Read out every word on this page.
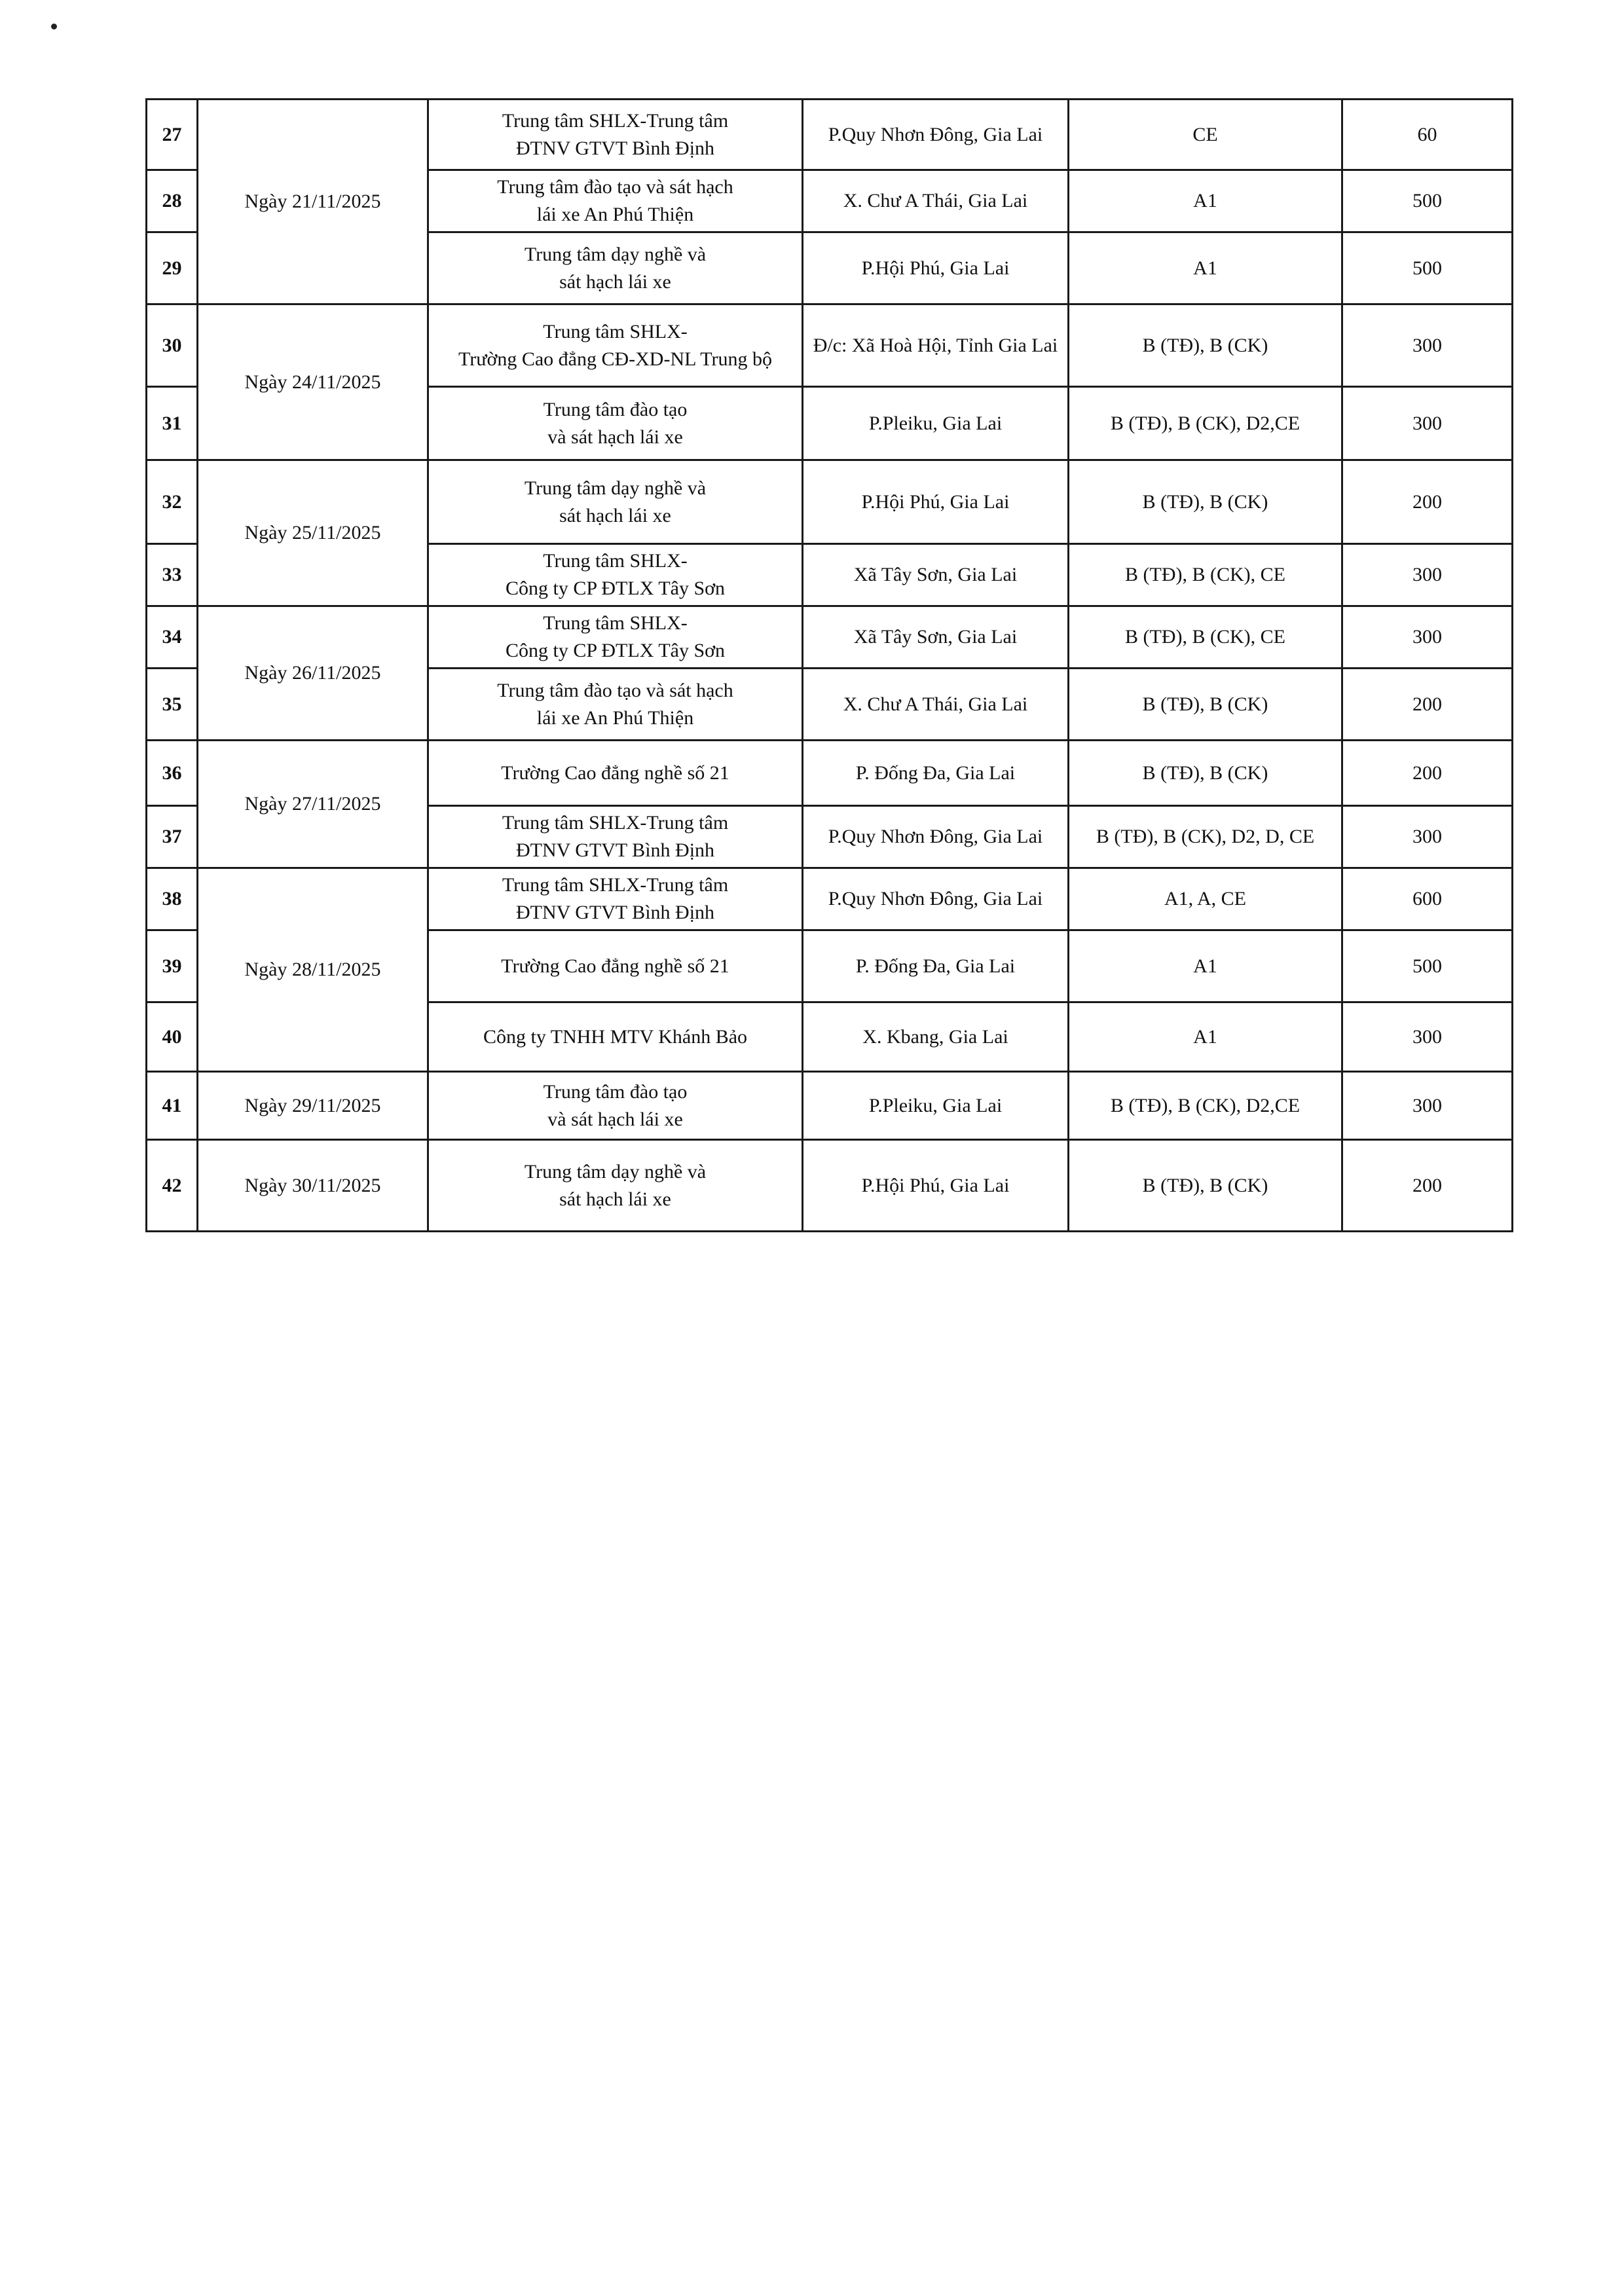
27	Ngày 21/11/2025	Trung tâm SHLX-Trung tâm
ĐTNV GTVT Bình Định	P.Quy Nhơn Đông, Gia Lai	CE	60
28		Trung tâm đào tạo và sát hạch
lái xe An Phú Thiện	X. Chư A Thái, Gia Lai	A1	500
29		Trung tâm dạy nghề và
sát hạch lái xe	P.Hội Phú, Gia Lai	A1	500
30	Ngày 24/11/2025	Trung tâm SHLX-
Trường Cao đẳng CĐ-XD-NL Trung bộ	Đ/c: Xã Hoà Hội, Tỉnh Gia Lai	B (TĐ), B (CK)	300
31		Trung tâm đào tạo
và sát hạch lái xe	P.Pleiku, Gia Lai	B (TĐ), B (CK), D2,CE	300
32	Ngày 25/11/2025	Trung tâm dạy nghề và
sát hạch lái xe	P.Hội Phú, Gia Lai	B (TĐ), B (CK)	200
33		Trung tâm SHLX-
Công ty CP ĐTLX Tây Sơn	Xã Tây Sơn, Gia Lai	B (TĐ), B (CK), CE	300
34	Ngày 26/11/2025	Trung tâm SHLX-
Công ty CP ĐTLX Tây Sơn	Xã Tây Sơn, Gia Lai	B (TĐ), B (CK), CE	300
35		Trung tâm đào tạo và sát hạch
lái xe An Phú Thiện	X. Chư A Thái, Gia Lai	B (TĐ), B (CK)	200
36	Ngày 27/11/2025	Trường Cao đẳng nghề số 21	P. Đống Đa, Gia Lai	B (TĐ), B (CK)	200
37		Trung tâm SHLX-Trung tâm
ĐTNV GTVT Bình Định	P.Quy Nhơn Đông, Gia Lai	B (TĐ), B (CK), D2, D, CE	300
38	Ngày 28/11/2025	Trung tâm SHLX-Trung tâm
ĐTNV GTVT Bình Định	P.Quy Nhơn Đông, Gia Lai	A1, A, CE	600
39		Trường Cao đẳng nghề số 21	P. Đống Đa, Gia Lai	A1	500
40		Công ty TNHH MTV Khánh Bảo	X. Kbang, Gia Lai	A1	300
41	Ngày 29/11/2025	Trung tâm đào tạo
và sát hạch lái xe	P.Pleiku, Gia Lai	B (TĐ), B (CK), D2,CE	300
42	Ngày 30/11/2025	Trung tâm dạy nghề và
sát hạch lái xe	P.Hội Phú, Gia Lai	B (TĐ), B (CK)	200
